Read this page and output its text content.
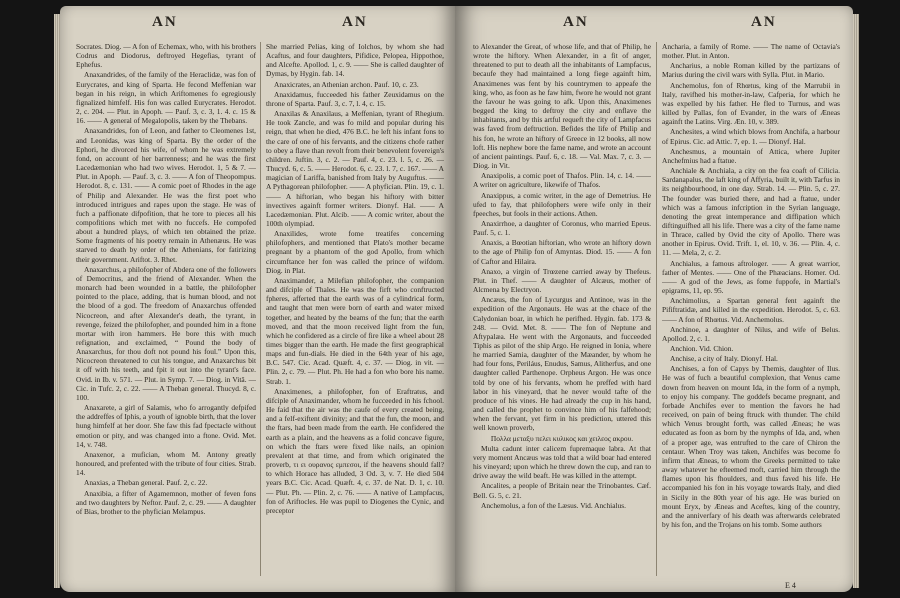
AN	AN

Socrates. Diog. — A fon of Echemax, who, with his brothers Codrus and Diodorus, deftroyed Hegefias, tyrant of Ephefus.

Anaxandrides, of the family of the Heraclidæ, was fon of Eurycrates, and king of Sparta. He fecond Meffenian war began in his reign, in which Ariftomenes fo egregiously fignalized himfelf. His fon was called Eurycrates. Herodot. 2, c. 204. — Plut. in Apoph. — Pauf. 3, c. 3, 1. 4. c. 15 & 16. —— A general of Megalopolis, taken by the Thebans.

Anaxandrides, fon of Leon, and father to Cleomenes 1st, and Leonidas, was king of Sparta. By the order of the Ephori, he divorced his wife, of whom he was extremely fond, on account of her barrenness; and he was the first Lacedæmonian who had two wives. Herodot. 1, 5 & 7. — Plut. in Apoph. — Pauf. 3, c. 3. —— A fon of Theopompus. Herodot. 8, c. 131. —— A comic poet of Rhodes in the age of Philip and Alexander. He was the first poet who introduced intrigues and rapes upon the stage. He was of fuch a paffionate difpofition, that he tore to pieces all his compofitions which met with no fuccefs. He compofed about a hundred plays, of which ten obtained the prize. Some fragments of his poetry remain in Athenæus. He was starved to death by order of the Athenians, for fatirizing their government. Ariftot. 3. Rhet.

Anaxarchus, a philofopher of Abdera one of the followers of Democritus, and the friend of Alexander. When the monarch had been wounded in a battle, the philofopher pointed to the place, adding, that is human blood, and not the blood of a god. The freedom of Anaxarchus offended Nicocreon, and after Alexander's death, the tyrant, in revenge, feized the philofopher, and pounded him in a ftone mortar with iron hammers. He bore this with much refignation, and exclaimed, “ Pound the body of Anaxarchus, for thou doft not pound his foul.” Upon this, Nicocreon threatened to cut his tongue, and Anaxarchus bit it off with his teeth, and fpit it out into the tyrant's face. Ovid. in Ib. v. 571. — Plut. in Symp. 7. — Diog. in Vitâ. — Cic. in Tufc. 2, c. 22. —— A Theban general. Thucyd. 8, c. 100.

Anaxarete, a girl of Salamis, who fo arrogantly defpifed the addreffes of Iphis, a youth of ignoble birth, that the lover hung himfelf at her door. She faw this fad fpectacle without emotion or pity, and was changed into a ftone. Ovid. Met. 14, v. 748.

Anaxenor, a mufician, whom M. Antony greatly honoured, and prefented with the tribute of four cities. Strab. 14.

Anaxias, a Theban general. Pauf. 2, c. 22.

Anaxibia, a fifter of Agamemnon, mother of feven fons and two daughters by Neftor. Pauf. 2, c. 29. —— A daughter of Bias, brother to the phyfician Melampus.

She married Pelias, king of Iolchos, by whom she had Acaftus, and four daughters, Pifidice, Pelopea, Hippothoe, and Alcefte. Apollod. 1, c. 9. —— She is called daughter of Dymas, by Hygin. fab. 14.

Anaxicrates, an Athenian archon. Pauf. 10, c. 23.

Anaxidamus, fucceeded his father Zeuxidamus on the throne of Sparta. Pauf. 3, c. 7, l. 4, c. 15.

Anaxilas & Anaxilaus, a Meffenian, tyrant of Rhegium. He took Zancle, and was fo mild and popular during his reign, that when he died, 476 B.C. he left his infant fons to the care of one of his fervants, and the citizens chofe rather to obey a flave than revolt from their benevolent fovereign's children. Juftin. 3, c. 2. — Pauf. 4, c. 23. l. 5, c. 26. — Thucyd. 6, c. 5. —— Herodot. 6, c. 23. l. 7, c. 167. —— A magician of Lariffa, banished from Italy by Auguftus. —— A Pythagorean philofopher. —— A phyfician. Plin. 19, c. 1. —— A hiftorian, who began his hiftory with bitter invectives againft former writers. Dionyf. Hal. —— A Lacedæmonian. Plut. Alcib. —— A comic writer, about the 100th olympiad.

Anaxilides, wrote fome treatifes concerning philofophers, and mentioned that Plato's mother became pregnant by a phantom of the god Apollo, from which circumftance her fon was called the prince of wifdom. Diog. in Plat.

Anaximander, a Milefian philofopher, the companion and difciple of Thales. He was the firft who conftructed fpheres, afferted that the earth was of a cylindrical form, and taught that men were born of earth and water mixed together, and heated by the beams of the fun; that the earth moved, and that the moon received light from the fun, which he confidered as a circle of fire like a wheel about 28 times bigger than the earth. He made the first geographical maps and fun-dials. He died in the 64th year of his age, B.C. 547. Cic. Acad. Quæft. 4, c. 37. — Diog. in vit. — Plin. 2, c. 79. — Plut. Ph. He had a fon who bore his name. Strab. 1.

Anaximenes, a philofopher, fon of Eraftratus, and difciple of Anaximander, whom he fucceeded in his fchool. He faid that the air was the caufe of every created being, and a felf-exiftent divinity; and that the fun, the moon, and the ftars, had been made from the earth. He confidered the earth as a plain, and the heavens as a folid concave figure, on which the ftars were fixed like nails, an opinion prevalent at that time, and from which originated the proverb, τι ει ουρανος εμπεσοι, if the heavens should fall? to which Horace has alluded, 3 Od. 3, v. 7. He died 504 years B.C. Cic. Acad. Quæft. 4, c. 37. de Nat. D. 1, c. 10. — Plut. Ph. — Plin. 2, c. 76. —— A native of Lampfacus, fon of Ariftocles. He was pupil to Diogenes the Cynic, and preceptor

AN	AN

to Alexander the Great, of whose life, and that of Philip, he wrote the hiftory. When Alexander, in a fit of anger, threatened to put to death all the inhabitants of Lampfacus, becaufe they had maintained a long fiege againft him, Anaximenes was fent by his countrymen to appeafe the king, who, as foon as he faw him, fwore he would not grant the favour he was going to afk. Upon this, Anaximenes begged the king to deftroy the city and enflave the inhabitants, and by this artful requeft the city of Lampfacus was faved from deftruction. Befides the life of Philip and his fon, he wrote an hiftory of Greece in 12 books, all now loft. His nephew bore the fame name, and wrote an account of ancient paintings. Pauf. 6, c. 18. — Val. Max. 7, c. 3. — Diog. in Vit.

Anaxipolis, a comic poet of Thafos. Plin. 14, c. 14. —— A writer on agriculture, likewife of Thafos.

Anaxippus, a comic writer, in the age of Demetrius. He ufed to fay, that philofophers were wife only in their fpeeches, but fools in their actions. Athen.

Anaxirrhoe, a daughter of Coronus, who married Epeus. Pauf. 5, c. 1.

Anaxis, a Bœotian hiftorian, who wrote an hiftory down to the age of Philip fon of Amyntas. Diod. 15. —— A fon of Caftor and Hilaira.

Anaxo, a virgin of Trœzene carried away by Thefeus. Plut. in Thef. —— A daughter of Alcæus, mother of Alcmena by Electryon.

Ancæus, the fon of Lycurgus and Antinoe, was in the expedition of the Argonauts. He was at the chace of the Calydonian boar, in which he perifhed. Hygin. fab. 173 & 248. — Ovid. Met. 8. —— The fon of Neptune and Aftypalæa. He went with the Argonauts, and fucceeded Tiphis as pilot of the ship Argo. He reigned in Ionia, where he married Samia, daughter of the Mæander, by whom he had four fons, Periláus, Enudus, Samus, Alitherfus, and one daughter called Parthenope. Orpheus Argon. He was once told by one of his fervants, whom he preffed with hard labor in his vineyard, that he never would tafte of the produce of his vines. He had already the cup in his hand, and called the prophet to convince him of his falfehood; when the fervant, yet firm in his prediction, uttered this well known proverb,

Πολλα μεταξυ πελει κυλικος και χειλεος ακρου.

Multa cadunt inter calicem fupremaque labra. At that very moment Ancæus was told that a wild boar had entered his vineyard; upon which he threw down the cup, and ran to drive away the wild beaft. He was killed in the attempt.

Ancalites, a people of Britain near the Trinobantes. Cæf. Bell. G. 5, c. 21.

Anchemolus, a fon of the Læsus. Vid. Anchialus.

Ancharia, a family of Rome. —— The name of Octavia's mother. Plut. in Anton.

Ancharius, a noble Roman killed by the partizans of Marius during the civil wars with Sylla. Plut. in Mario.

Anchemolus, fon of Rhœtus, king of the Marrubii in Italy, ravifhed his mother-in-law, Cafperia, for which he was expelled by his father. He fled to Turnus, and was killed by Pallas, fon of Evander, in the wars of Æneas againft the Latins. Virg. Æn. 10, v. 389.

Anchesites, a wind which blows from Anchifa, a harbour of Epirus. Cic. ad Attic. 7, ep. 1. — Dionyf. Hal.

Anchesmus, a mountain of Attica, where Jupiter Anchefmius had a ftatue.

Anchiale & Anchiala, a city on the fea coaft of Cilicia. Sardanapalus, the laft king of Affyria, built it, with Tarfus in its neighbourhood, in one day. Strab. 14. — Plin. 5, c. 27. The founder was buried there, and had a ftatue, under which was a famous infcription in the Syrian language, denoting the great intemperance and diffipation which diftinguifhed all his life. There was a city of the fame name in Thrace, called by Ovid the city of Apollo. There was another in Epirus. Ovid. Trift. 1, el. 10, v. 36. — Plin. 4, c. 11. — Mela, 2, c. 2.

Anchialus, a famous aftrologer. —— A great warrior, father of Mentes. —— One of the Phæacians. Homer. Od. —— A god of the Jews, as fome fuppofe, in Martial's epigrams, 11, ep. 95.

Anchimolius, a Spartan general fent againft the Pififtratidæ, and killed in the expedition. Herodot. 5, c. 63. —— A fon of Rhœtus. Vid. Anchemolus.

Anchinoe, a daughter of Nilus, and wife of Belus. Apollod. 2, c. 1.

Anchion. Vid. Chion.

Anchise, a city of Italy. Dionyf. Hal.

Anchises, a fon of Capys by Themis, daughter of Ilus. He was of fuch a beautiful complexion, that Venus came down from heaven on mount Ida, in the form of a nymph, to enjoy his company. The goddefs became pregnant, and forbade Anchifes ever to mention the favors he had received, on pain of being ftruck with thunder. The child which Venus brought forth, was called Æneas; he was educated as foon as born by the nymphs of Ida, and, when of a proper age, was entrufted to the care of Chiron the centaur. When Troy was taken, Anchifes was become fo infirm that Æneas, to whom the Greeks permitted to take away whatever he efteemed moft, carried him through the flames upon his fhoulders, and thus faved his life. He accompanied his fon in his voyage towards Italy, and died in Sicily in the 80th year of his age. He was buried on mount Eryx, by Æneas and Aceftes, king of the country, and the anniverfary of his death was afterwards celebrated by his fon, and the Trojans on his tomb. Some authors

E 4
